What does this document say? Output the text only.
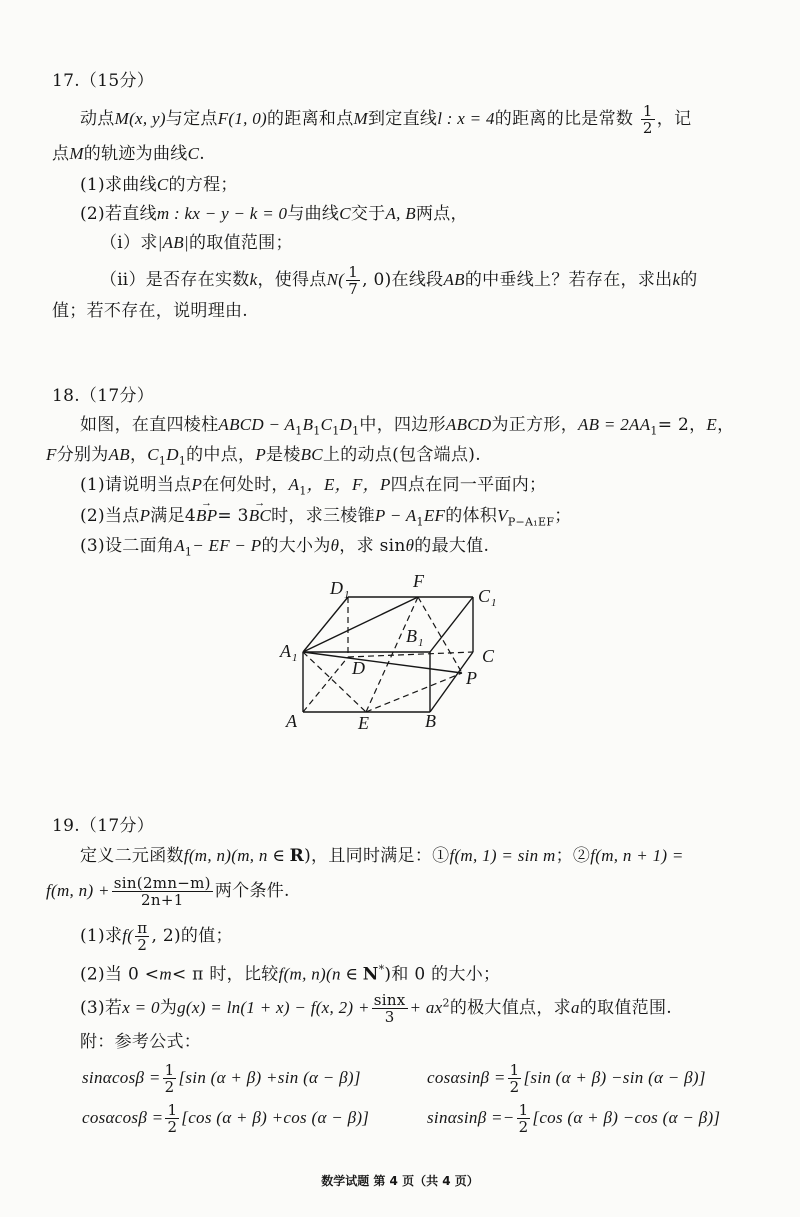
17.（15分）
动点M(x, y)与定点F(1, 0)的距离和点M到定直线l : x = 4的距离的比是常数 $\frac{1}{2}$ ，记
点M的轨迹为曲线C.
(1)求曲线C的方程；
(2)若直线m : kx − y − k = 0与曲线C交于A, B两点，
（ⅰ）求|AB|的取值范围；
（ⅱ）是否存在实数k，使得点$N( \frac{1}{7}$ , 0)在线段AB的中垂线上？若存在，求出k的
值；若不存在，说明理由.
18.（17分）
如图，在直四棱柱ABCD − $A_1B_1C_1D_1$中，四边形ABCD为正方形，AB = $2AA_1= 2$，E，
F分别为AB，$C_1D_1$的中点，P是棱BC上的动点(包含端点).
(1)请说明当点P在何处时，$A_1$，E，F，P四点在同一平面内；
(2)当点P满足4→ BP= 3→ BC时，求三棱锥$P - A_1EF$的体积$V_{P-A_1EF}$；
(3)设二面角$A_1-$ EF − P的大小为θ，求 sinθ的最大值.
D 1
F
C 1
B 1
A 1	D
C
P
A	E	B
19.（17分）
定义二元函数f(m, n)(m, n ∈ R)，且同时满足：①f(m, 1) = sin m；②f(m, n + 1) =
f(m, $n) + \frac{\sin(2mn-m)}{2n+1}$ 两个条件.
(1)求$f( \frac{\pi}{2}$ , 2)的值；
(2)当 0 <m< π 时，比较f(m, n)(n ∈ N*)和 0 的大小；
(3)若x = 0为g(x) = ln(1 + x) − f(x, $2) + \frac{\sin x}{3} + ax^2$的极大值点，求a的取值范围.
附：参考公式：
$\sin\alpha\cos\beta = \frac{1}{2} [\sin$ (α + β) +sin (α − β)]	$\cos\alpha\sin\beta = \frac{1}{2} [\sin$ (α + β) −sin (α − β)]
$\cos\alpha\cos\beta = \frac{1}{2} [\cos$ (α + β) +cos (α − β)]	$\sin\alpha\sin\beta =- \frac{1}{2} [\cos$ (α + β) −cos (α − β)]
数学试题 第 4 页（共 4 页）
